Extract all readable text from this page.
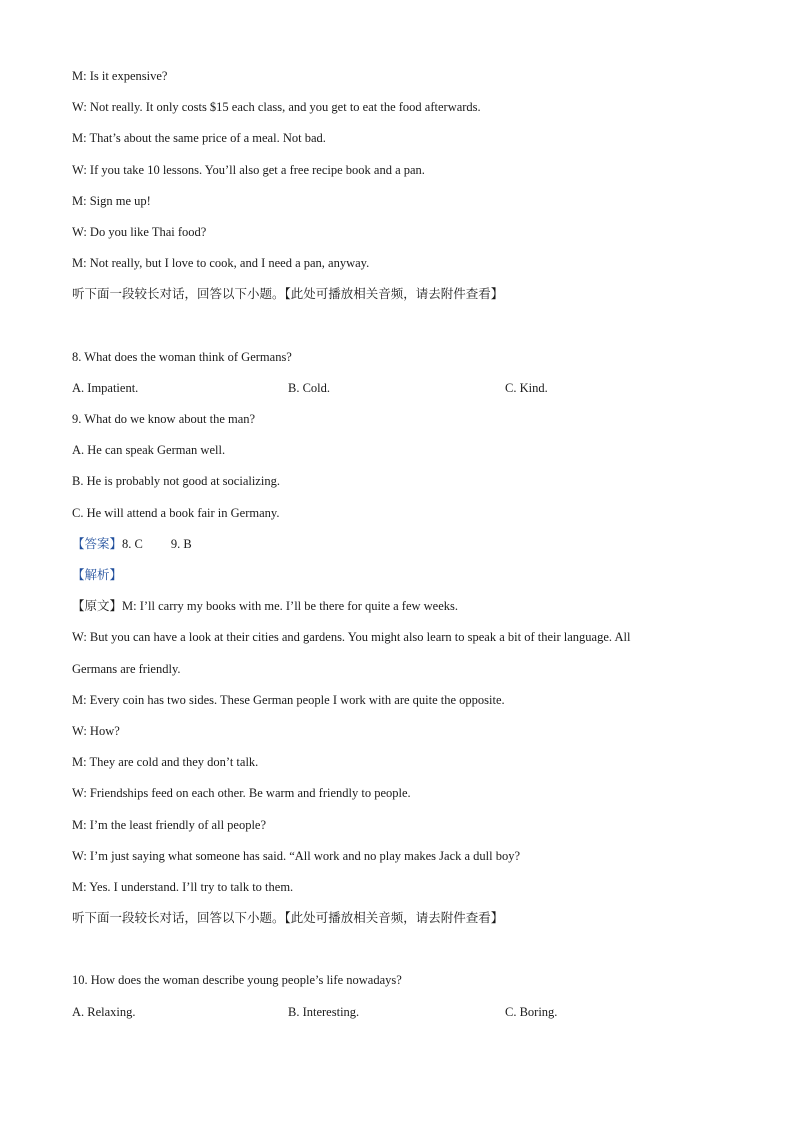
M: Is it expensive?
W: Not really. It only costs $15 each class, and you get to eat the food afterwards.
M: That’s about the same price of a meal. Not bad.
W: If you take 10 lessons. You’ll also get a free recipe book and a pan.
M: Sign me up!
W: Do you like Thai food?
M: Not really, but I love to cook, and I need a pan, anyway.
听下面一段较长对话，回答以下小题。【此处可播放相关音频，请去附件查看】
8. What does the woman think of Germans?
A. Impatient.	B. Cold.	C. Kind.
9. What do we know about the man?
A. He can speak German well.
B. He is probably not good at socializing.
C. He will attend a book fair in Germany.
【答案】8. C 9. B
【解析】
【原文】M: I’ll carry my books with me. I’ll be there for quite a few weeks.
W: But you can have a look at their cities and gardens. You might also learn to speak a bit of their language. All
Germans are friendly.
M: Every coin has two sides. These German people I work with are quite the opposite.
W: How?
M: They are cold and they don’t talk.
W: Friendships feed on each other. Be warm and friendly to people.
M: I’m the least friendly of all people?
W: I’m just saying what someone has said. “All work and no play makes Jack a dull boy?
M: Yes. I understand. I’ll try to talk to them.
听下面一段较长对话，回答以下小题。【此处可播放相关音频，请去附件查看】
10. How does the woman describe young people’s life nowadays?
A. Relaxing.	B. Interesting.	C. Boring.
